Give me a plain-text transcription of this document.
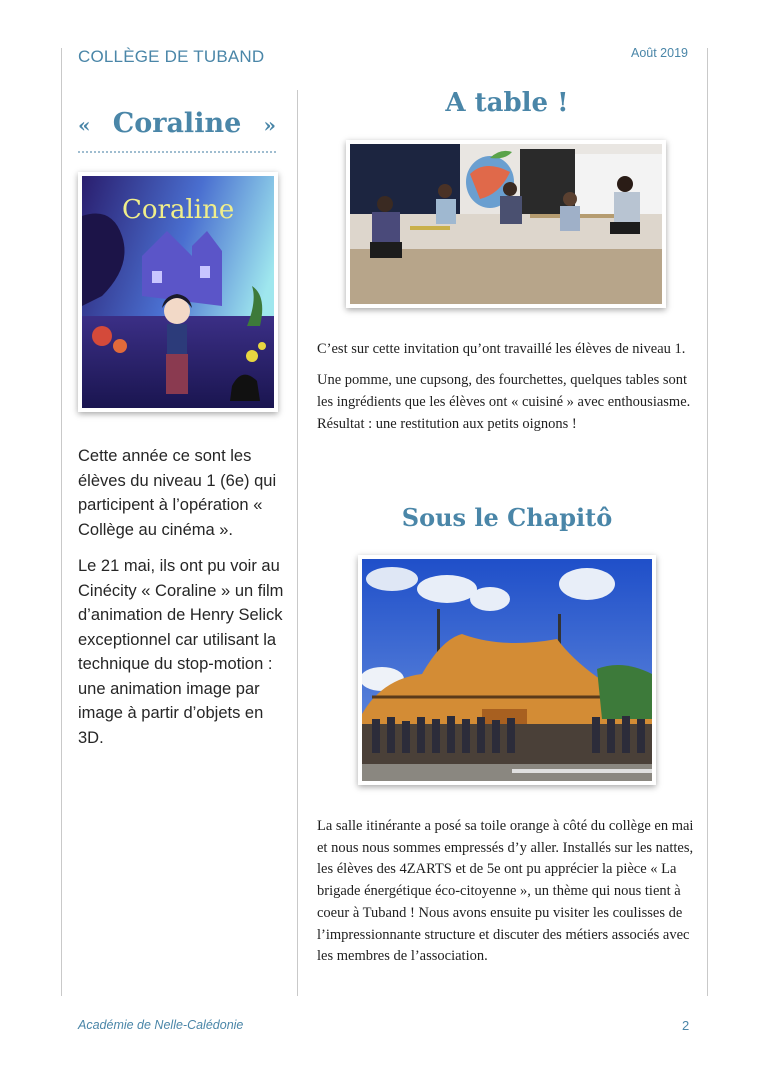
COLLÈGE DE TUBAND	Août 2019
« Coraline »
Coraline

Cette année ce sont les élèves du niveau 1 (6e) qui participent à l’opération « Collège au cinéma ».

Le 21 mai, ils ont pu voir au Cinécity « Coraline » un film d’animation de Henry Selick exceptionnel car utilisant la technique du stop-motion : une animation image par image à partir d’objets en 3D.

A table !

C’est sur cette invitation qu’ont travaillé les élèves de niveau 1.

Une pomme, une cupsong, des fourchettes, quelques tables sont les ingrédients que les élèves ont « cuisiné » avec enthousiasme. Résultat : une restitution aux petits oignons !

Sous le Chapitô

La salle itinérante a posé sa toile orange à côté du collège en mai et nous nous sommes empressés d’y aller. Installés sur les nattes, les élèves des 4ZARTS et de 5e ont pu apprécier la pièce « La brigade énergétique éco-citoyenne », un thème qui nous tient à coeur à Tuband ! Nous avons ensuite pu visiter les coulisses de l’impressionnante structure et discuter des métiers associés avec les membres de l’association.

Académie de Nelle-Calédonie	2
